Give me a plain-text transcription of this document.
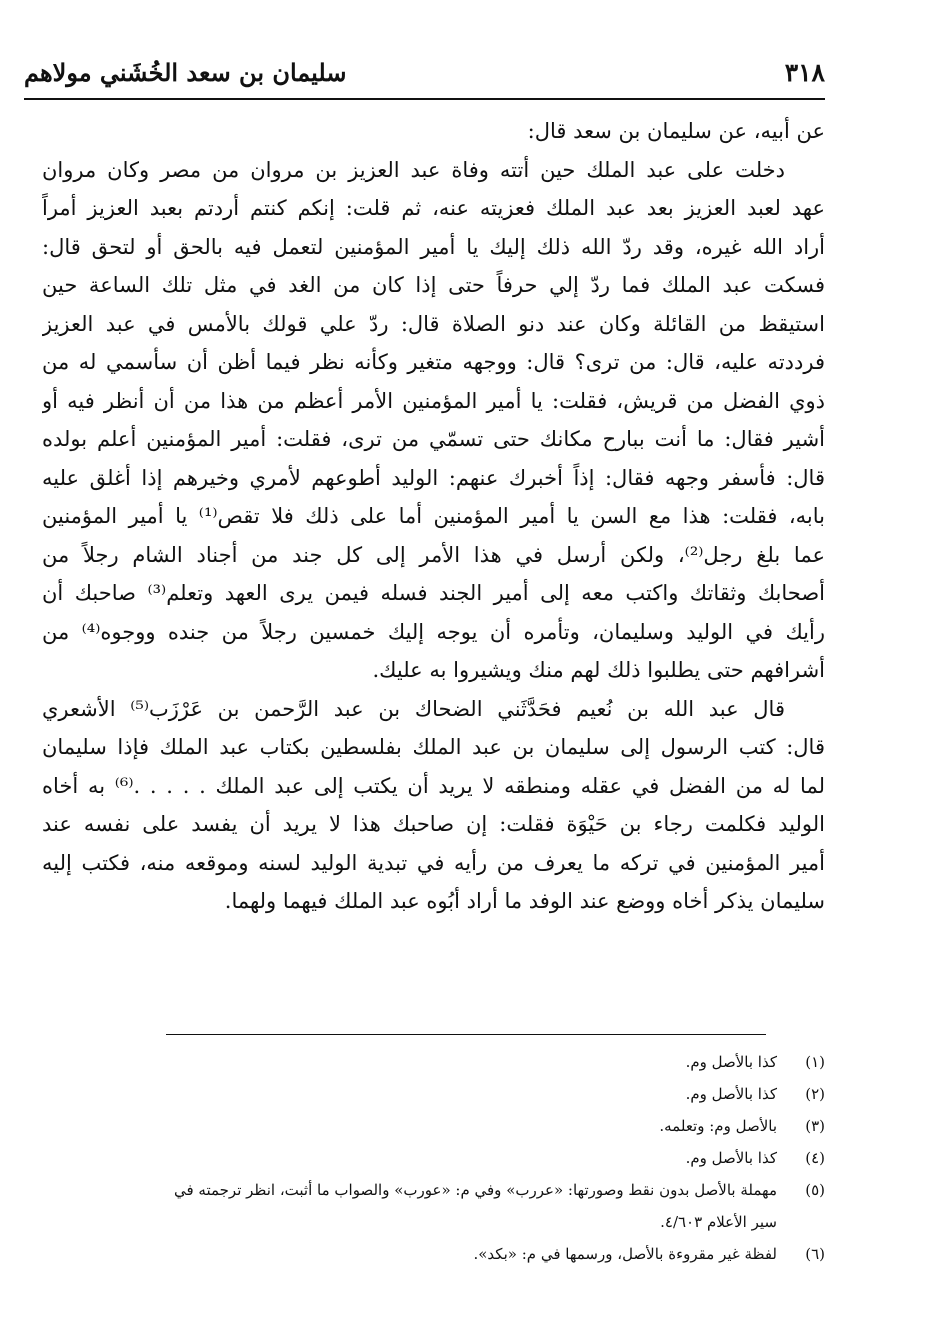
٣١٨
سليمان بن سعد الخُشَني مولاهم

عن أبيه، عن سليمان بن سعد قال:

دخلت على عبد الملك حين أتته وفاة عبد العزيز بن مروان من مصر وكان مروان
عهد لعبد العزيز بعد عبد الملك فعزيته عنه، ثم قلت: إنكم كنتم أردتم بعبد العزيز أمراً
أراد الله غيره، وقد ردّ الله ذلك إليك يا أمير المؤمنين لتعمل فيه بالحق أو لتحق قال:
فسكت عبد الملك فما ردّ إلي حرفاً حتى إذا كان من الغد في مثل تلك الساعة حين
استيقظ من القائلة وكان عند دنو الصلاة قال: ردّ علي قولك بالأمس في عبد العزيز
فرددته عليه، قال: من ترى؟ قال: ووجهه متغير وكأنه نظر فيما أظن أن سأسمي له من
ذوي الفضل من قريش، فقلت: يا أمير المؤمنين الأمر أعظم من هذا من أن أنظر فيه أو
أشير فقال: ما أنت ببارح مكانك حتى تسمّي من ترى، فقلت: أمير المؤمنين أعلم بولده
قال: فأسفر وجهه فقال: إذاً أخبرك عنهم: الوليد أطوعهم لأمري وخيرهم إذا أغلق عليه
بابه، فقلت: هذا مع السن يا أمير المؤمنين أما على ذلك فلا تقص⁽¹⁾ يا أمير المؤمنين
عما بلغ رجل⁽²⁾، ولكن أرسل في هذا الأمر إلى كل جند من أجناد الشام رجلاً من
أصحابك وثقاتك واكتب معه إلى أمير الجند فسله فيمن يرى العهد وتعلم⁽³⁾ صاحبك أن
رأيك في الوليد وسليمان، وتأمره أن يوجه إليك خمسين رجلاً من جنده ووجوه⁽⁴⁾ من
أشرافهم حتى يطلبوا ذلك لهم منك ويشيروا به عليك.

قال عبد الله بن نُعيم فحَدَّثَني الضحاك بن عبد الرَّحمن بن عَرْزَب⁽⁵⁾ الأشعري
قال: كتب الرسول إلى سليمان بن عبد الملك بفلسطين بكتاب عبد الملك فإذا سليمان
لما له من الفضل في عقله ومنطقه لا يريد أن يكتب إلى عبد الملك . . . . .⁽⁶⁾ به أخاه
الوليد فكلمت رجاء بن حَيْوَة فقلت: إن صاحبك هذا لا يريد أن يفسد على نفسه عند
أمير المؤمنين في تركه ما يعرف من رأيه في تبدية الوليد لسنه وموقعه منه، فكتب إليه
سليمان يذكر أخاه ووضع عند الوفد ما أراد أبُوه عبد الملك فيهما ولهما.

(١)
كذا بالأصل وم.
(٢)
كذا بالأصل وم.
(٣)
بالأصل وم: وتعلمه.
(٤)
كذا بالأصل وم.
(٥)
مهملة بالأصل بدون نقط وصورتها: «عررب» وفي م: «عورب» والصواب ما أثبت، انظر ترجمته في
سير الأعلام ٤/٦٠٣.
(٦)
لفظة غير مقروءة بالأصل، ورسمها في م: «بكد».
